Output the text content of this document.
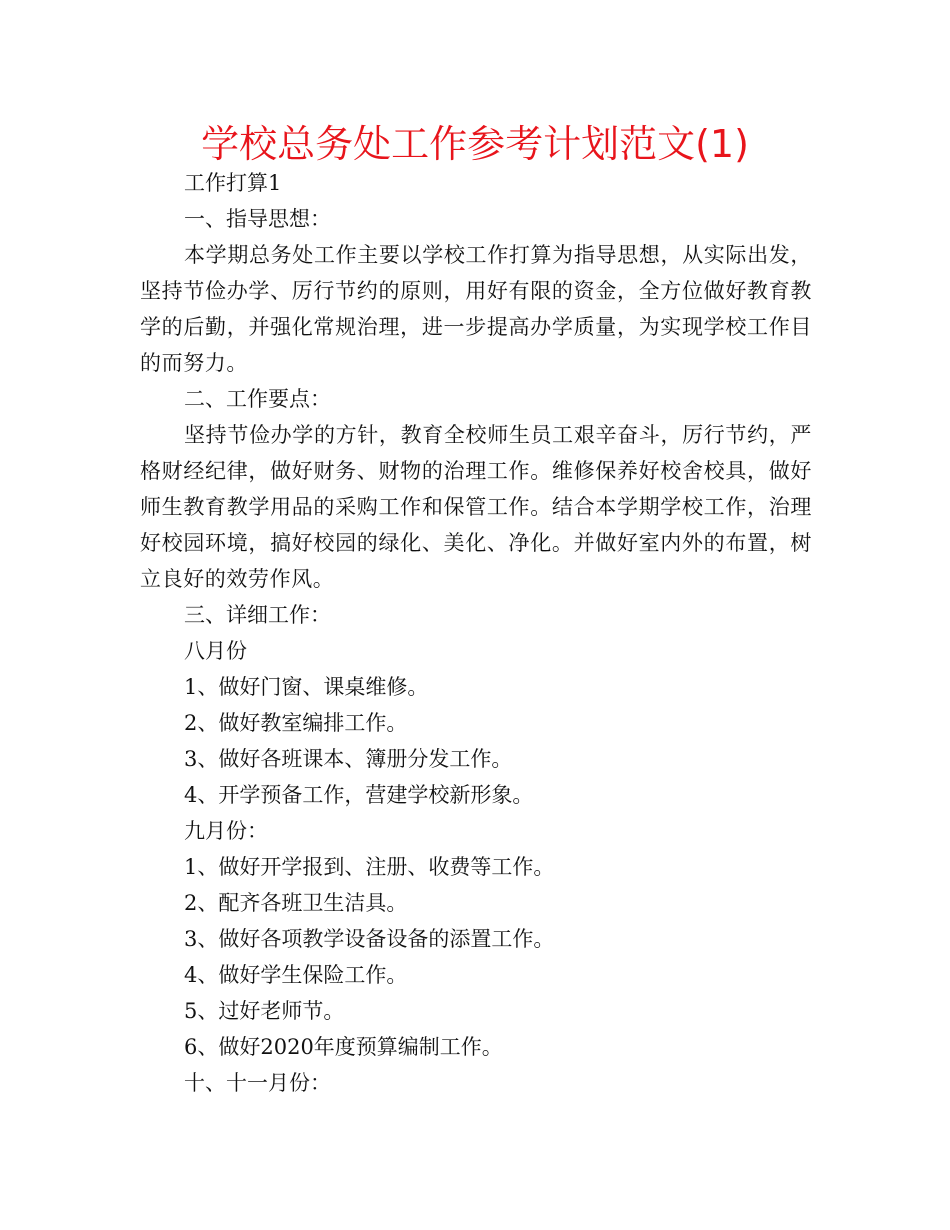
学校总务处工作参考计划范文(1)

工作打算1

一、指导思想：

本学期总务处工作主要以学校工作打算为指导思想，从实际出发，坚持节俭办学、厉行节约的原则，用好有限的资金，全方位做好教育教学的后勤，并强化常规治理，进一步提高办学质量，为实现学校工作目的而努力。

二、工作要点：

坚持节俭办学的方针，教育全校师生员工艰辛奋斗，厉行节约，严格财经纪律，做好财务、财物的治理工作。维修保养好校舍校具，做好师生教育教学用品的采购工作和保管工作。结合本学期学校工作，治理好校园环境，搞好校园的绿化、美化、净化。并做好室内外的布置，树立良好的效劳作风。

三、详细工作：

八月份

1、做好门窗、课桌维修。

2、做好教室编排工作。

3、做好各班课本、簿册分发工作。

4、开学预备工作，营建学校新形象。

九月份：

1、做好开学报到、注册、收费等工作。

2、配齐各班卫生洁具。

3、做好各项教学设备设备的添置工作。

4、做好学生保险工作。

5、过好老师节。

6、做好2020年度预算编制工作。

十、十一月份：
